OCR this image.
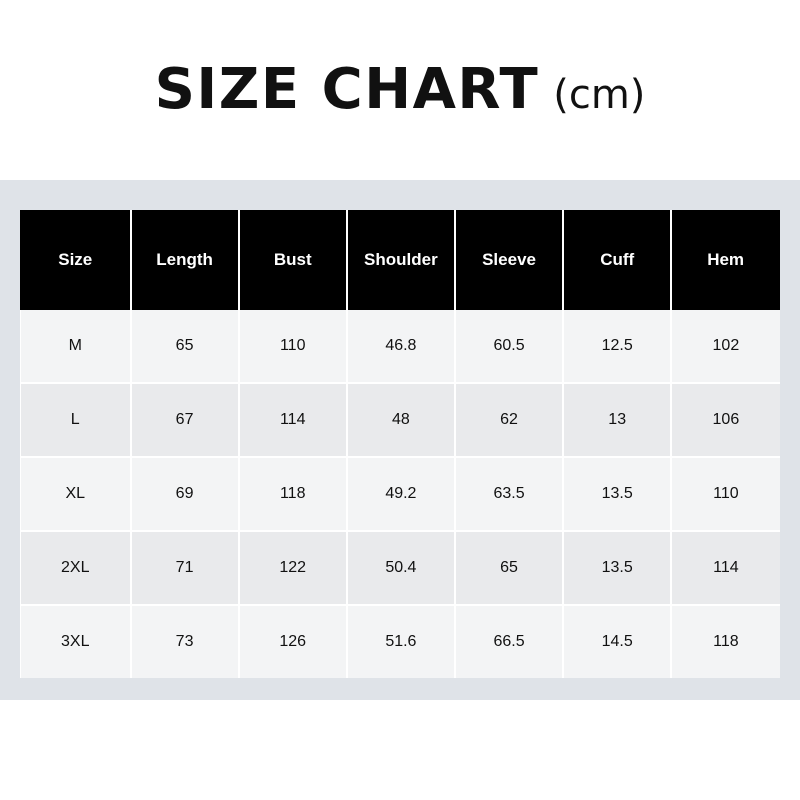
SIZE CHART (cm)
Size	Length	Bust	Shoulder	Sleeve	Cuff	Hem
M	65	110	46.8	60.5	12.5	102
L	67	114	48	62	13	106
XL	69	118	49.2	63.5	13.5	110
2XL	71	122	50.4	65	13.5	114
3XL	73	126	51.6	66.5	14.5	118
